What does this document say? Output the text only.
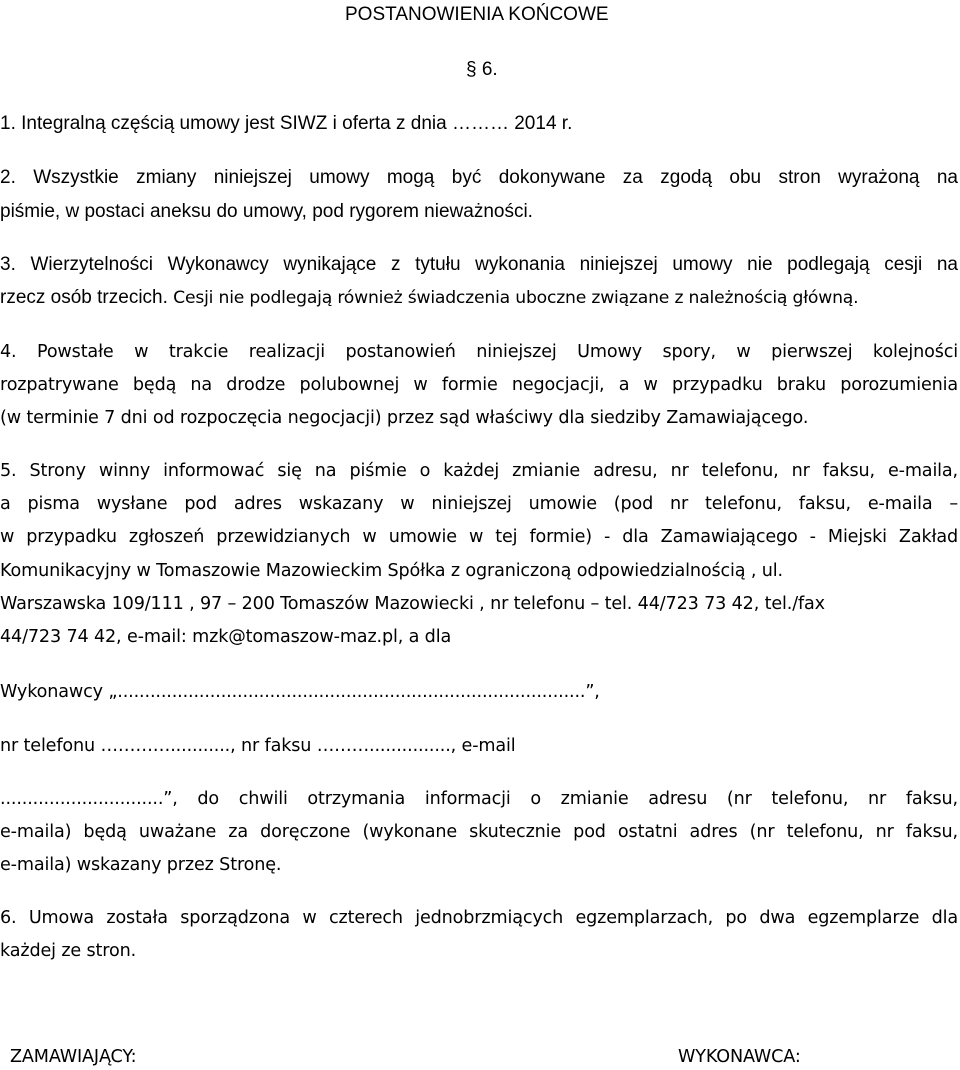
POSTANOWIENIA KOŃCOWE
§ 6.
1. Integralną częścią umowy jest SIWZ i oferta z dnia ……… 2014 r.
2. Wszystkie zmiany niniejszej umowy mogą być dokonywane za zgodą obu stron wyrażoną na
piśmie, w postaci aneksu do umowy, pod rygorem nieważności.
3. Wierzytelności Wykonawcy wynikające z tytułu wykonania niniejszej umowy nie podlegają cesji na
rzecz osób trzecich. Cesji nie podlegają również świadczenia uboczne związane z należnością główną.
4. Powstałe w trakcie realizacji postanowień niniejszej Umowy spory, w pierwszej kolejności
rozpatrywane będą na drodze polubownej w formie negocjacji, a w przypadku braku porozumienia
(w terminie 7 dni od rozpoczęcia negocjacji) przez sąd właściwy dla siedziby Zamawiającego.
5. Strony winny informować się na piśmie o każdej zmianie adresu, nr telefonu, nr faksu, e-maila,
a pisma wysłane pod adres wskazany w niniejszej umowie (pod nr telefonu, faksu, e-maila –
w przypadku zgłoszeń przewidzianych w umowie w tej formie) - dla Zamawiającego - Miejski Zakład
Komunikacyjny w Tomaszowie Mazowieckim Spółka z ograniczoną odpowiedzialnością , ul.
Warszawska 109/111 , 97 – 200 Tomaszów Mazowiecki , nr telefonu – tel. 44/723 73 42, tel./fax
44/723 74 42, e-mail: mzk@tomaszow-maz.pl, a dla
Wykonawcy „......................................................................................”,
nr telefonu …………..........., nr faksu ………..............., e-mail
..............................”, do chwili otrzymania informacji o zmianie adresu (nr telefonu, nr faksu,
e-maila) będą uważane za doręczone (wykonane skutecznie pod ostatni adres (nr telefonu, nr faksu,
e-maila) wskazany przez Stronę.
6. Umowa została sporządzona w czterech jednobrzmiących egzemplarzach, po dwa egzemplarze dla
każdej ze stron.
ZAMAWIAJĄCY:	WYKONAWCA:
